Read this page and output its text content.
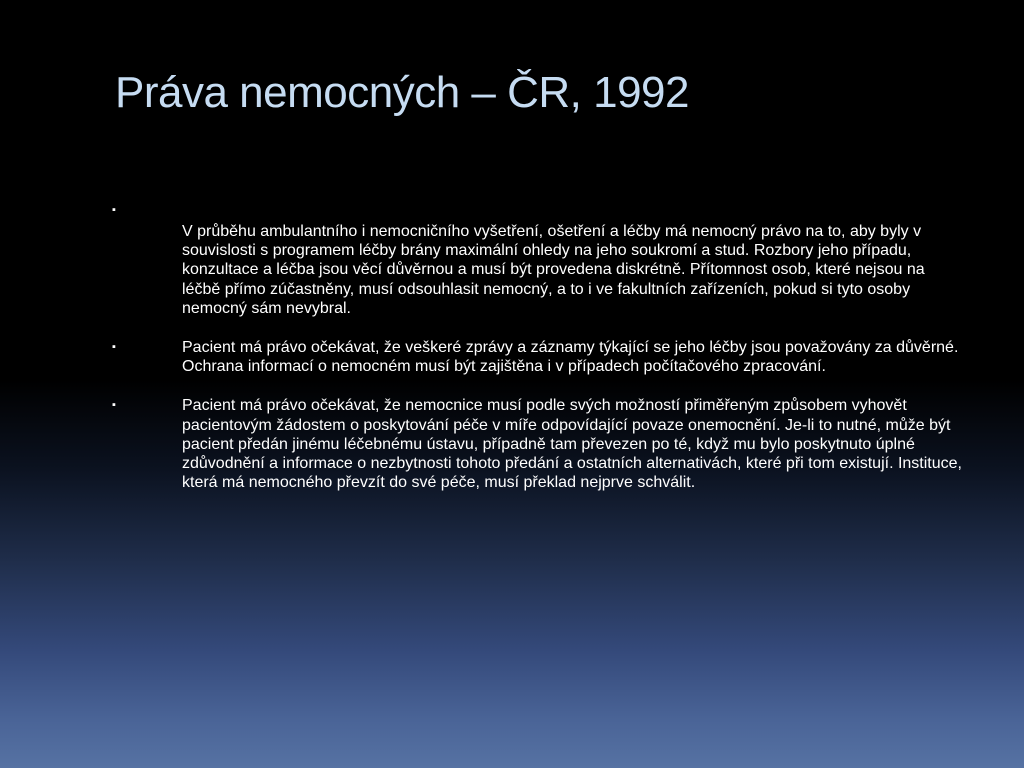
Práva nemocných – ČR, 1992
▪
V průběhu ambulantního i nemocničního vyšetření, ošetření a léčby má nemocný právo na to, aby byly v souvislosti s programem léčby brány maximální ohledy na jeho soukromí a stud. Rozbory jeho případu, konzultace a léčba jsou věcí důvěrnou a musí být provedena diskrétně. Přítomnost osob, které nejsou na léčbě přímo zúčastněny, musí odsouhlasit nemocný, a to i ve fakultních zařízeních, pokud si tyto osoby nemocný sám nevybral.
▪	Pacient má právo očekávat, že veškeré zprávy a záznamy týkající se jeho léčby jsou považovány za důvěrné. Ochrana informací o nemocném musí být zajištěna i v případech počítačového zpracování.
▪	Pacient má právo očekávat, že nemocnice musí podle svých možností přiměřeným způsobem vyhovět pacientovým žádostem o poskytování péče v míře odpovídající povaze onemocnění. Je-li to nutné, může být pacient předán jinému léčebnému ústavu, případně tam převezen po té, když mu bylo poskytnuto úplné zdůvodnění a informace o nezbytnosti tohoto předání a ostatních alternativách, které při tom existují. Instituce, která má nemocného převzít do své péče, musí překlad nejprve schválit.
